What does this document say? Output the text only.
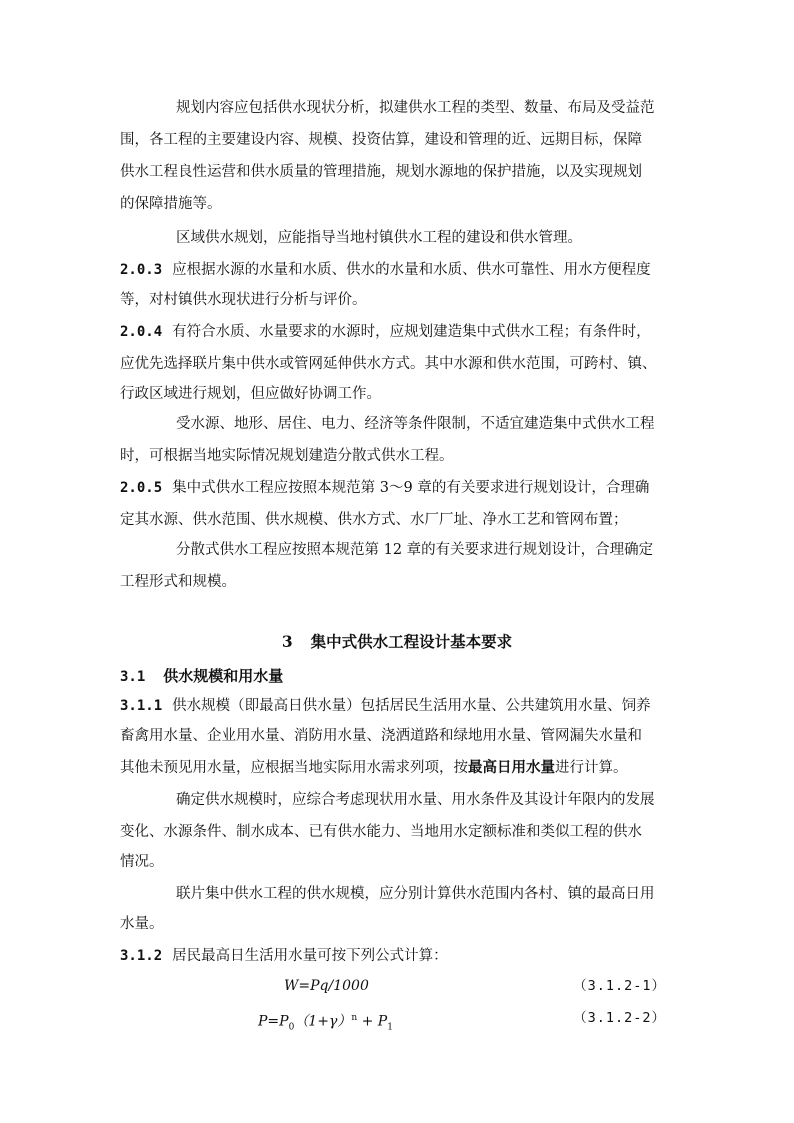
规划内容应包括供水现状分析，拟建供水工程的类型、数量、布局及受益范
围，各工程的主要建设内容、规模、投资估算，建设和管理的近、远期目标，保障
供水工程良性运营和供水质量的管理措施，规划水源地的保护措施，以及实现规划
的保障措施等。
区域供水规划，应能指导当地村镇供水工程的建设和供水管理。
2.0.3 应根据水源的水量和水质、供水的水量和水质、供水可靠性、用水方便程度
等，对村镇供水现状进行分析与评价。
2.0.4 有符合水质、水量要求的水源时，应规划建造集中式供水工程；有条件时，
应优先选择联片集中供水或管网延伸供水方式。其中水源和供水范围，可跨村、镇、
行政区域进行规划，但应做好协调工作。
受水源、地形、居住、电力、经济等条件限制，不适宜建造集中式供水工程
时，可根据当地实际情况规划建造分散式供水工程。
2.0.5 集中式供水工程应按照本规范第 3～9 章的有关要求进行规划设计，合理确
定其水源、供水范围、供水规模、供水方式、水厂厂址、净水工艺和管网布置；
分散式供水工程应按照本规范第 12 章的有关要求进行规划设计，合理确定
工程形式和规模。
3 集中式供水工程设计基本要求
3.1 供水规模和用水量
3.1.1 供水规模（即最高日供水量）包括居民生活用水量、公共建筑用水量、饲养
畜禽用水量、企业用水量、消防用水量、浇洒道路和绿地用水量、管网漏失水量和
其他未预见用水量，应根据当地实际用水需求列项，按最高日用水量进行计算。
确定供水规模时，应综合考虑现状用水量、用水条件及其设计年限内的发展
变化、水源条件、制水成本、已有供水能力、当地用水定额标准和类似工程的供水
情况。
联片集中供水工程的供水规模，应分别计算供水范围内各村、镇的最高日用
水量。
3.1.2 居民最高日生活用水量可按下列公式计算：
W=Pq/1000	（3.1.2-1）
$P=P_0(1+\gamma)^n + P_1$
（3.1.2-2）
